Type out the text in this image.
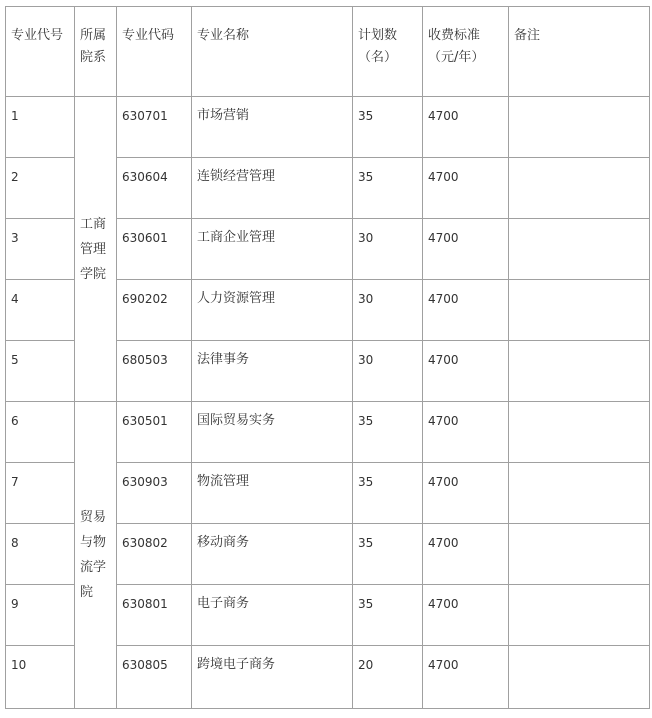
专业代号	所属院系	专业代码	专业名称	计划数（名）	收费标准（元/年）	备注

1	工商管理学院	630701	市场营销	35	4700	

2		630604	连锁经营管理	35	4700	

3		630601	工商企业管理	30	4700	

4		690202	人力资源管理	30	4700	

5		680503	法律事务	30	4700	

6	贸易与物流学院	630501	国际贸易实务	35	4700	

7		630903	物流管理	35	4700	

8		630802	移动商务	35	4700	

9		630801	电子商务	35	4700	

10		630805	跨境电子商务	20	4700	
